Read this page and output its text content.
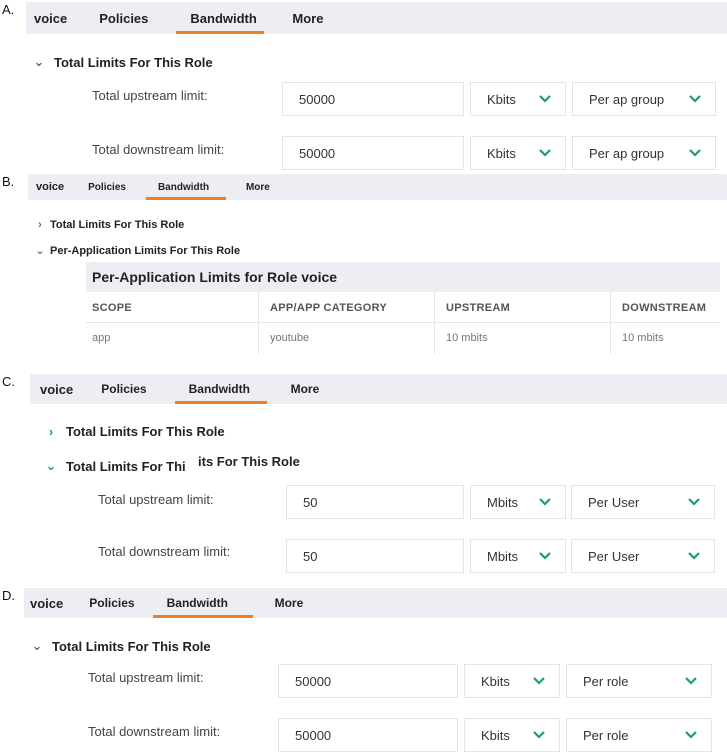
A.
voice	Policies	Bandwidth	More
⌄ Total Limits For This Role
Total upstream limit:	50000	Kbits	Per ap group
Total downstream limit:	50000	Kbits	Per ap group
B.	voice	Policies	Bandwidth	More
› Total Limits For This Role
⌄ Per-Application Limits For This Role
Per-Application Limits for Role voice
SCOPE	APP/APP CATEGORY	UPSTREAM	DOWNSTREAM
app	youtube	10 mbits	10 mbits
C.	voice	Policies	Bandwidth	More
› Total Limits For This Role
⌄ Total Limits For Thi its For This Role
Total upstream limit:	50	Mbits	Per User
Total downstream limit:	50	Mbits	Per User
D.	voice	Policies	Bandwidth	More
⌄ Total Limits For This Role
Total upstream limit:	50000	Kbits	Per role
Total downstream limit:	50000	Kbits	Per role
